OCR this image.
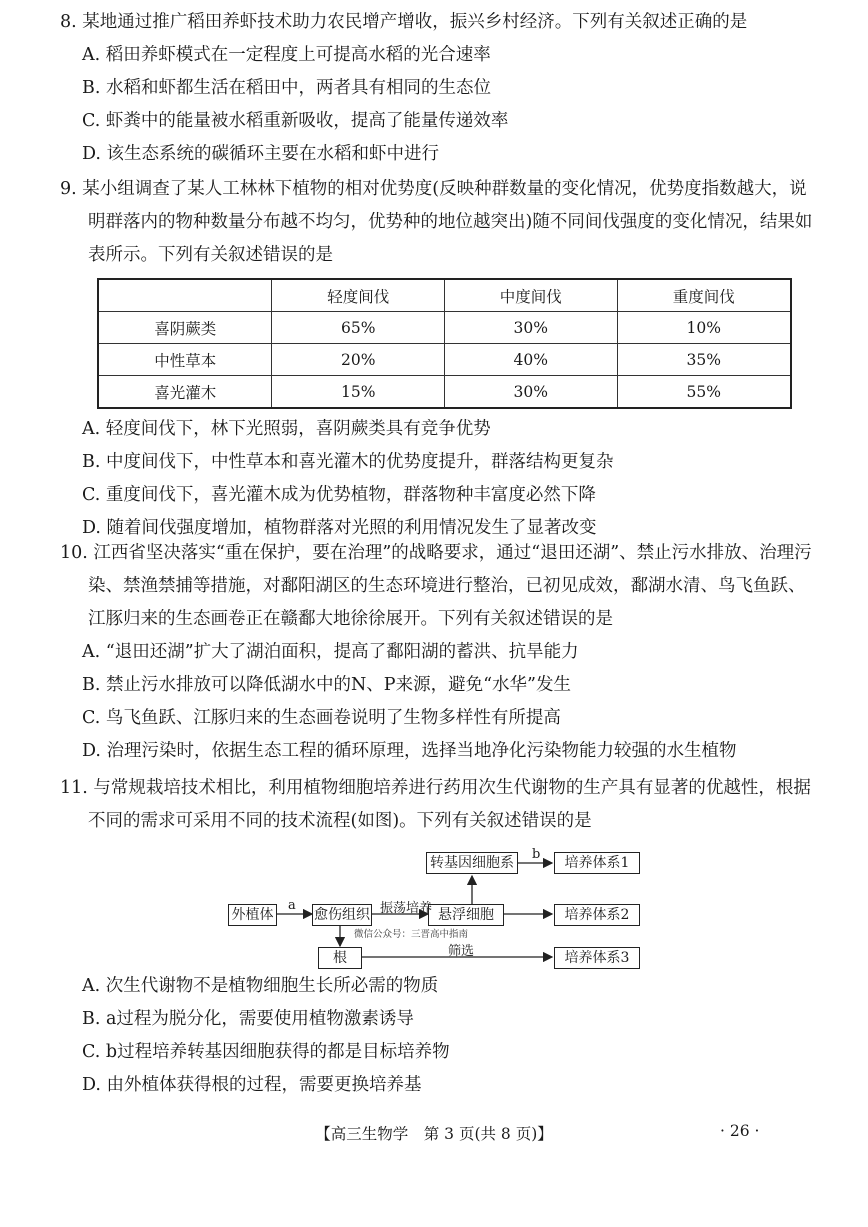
8. 某地通过推广稻田养虾技术助力农民增产增收，振兴乡村经济。下列有关叙述正确的是

A. 稻田养虾模式在一定程度上可提高水稻的光合速率

B. 水稻和虾都生活在稻田中，两者具有相同的生态位

C. 虾粪中的能量被水稻重新吸收，提高了能量传递效率

D. 该生态系统的碳循环主要在水稻和虾中进行

9. 某小组调查了某人工林林下植物的相对优势度(反映种群数量的变化情况，优势度指数越大，说明群落内的物种数量分布越不均匀，优势种的地位越突出)随不同间伐强度的变化情况，结果如表所示。下列有关叙述错误的是

	轻度间伐	中度间伐	重度间伐
喜阴蕨类	65%	30%	10%
中性草本	20%	40%	35%
喜光灌木	15%	30%	55%

A. 轻度间伐下，林下光照弱，喜阴蕨类具有竞争优势

B. 中度间伐下，中性草本和喜光灌木的优势度提升，群落结构更复杂

C. 重度间伐下，喜光灌木成为优势植物，群落物种丰富度必然下降

D. 随着间伐强度增加，植物群落对光照的利用情况发生了显著改变

10. 江西省坚决落实“重在保护，要在治理”的战略要求，通过“退田还湖”、禁止污水排放、治理污染、禁渔禁捕等措施，对鄱阳湖区的生态环境进行整治，已初见成效，鄱湖水清、鸟飞鱼跃、江豚归来的生态画卷正在赣鄱大地徐徐展开。下列有关叙述错误的是

A. “退田还湖”扩大了湖泊面积，提高了鄱阳湖的蓄洪、抗旱能力

B. 禁止污水排放可以降低湖水中的N、P来源，避免“水华”发生

C. 鸟飞鱼跃、江豚归来的生态画卷说明了生物多样性有所提高

D. 治理污染时，依据生态工程的循环原理，选择当地净化污染物能力较强的水生植物

11. 与常规栽培技术相比，利用植物细胞培养进行药用次生代谢物的生产具有显著的优越性，根据不同的需求可采用不同的技术流程(如图)。下列有关叙述错误的是

外植体	愈伤组织	悬浮细胞
转基因细胞系
根
培养体系1
培养体系2
培养体系3
a
b
振荡培养
筛选
微信公众号：三晋高中指南

A. 次生代谢物不是植物细胞生长所必需的物质

B. a过程为脱分化，需要使用植物激素诱导

C. b过程培养转基因细胞获得的都是目标培养物

D. 由外植体获得根的过程，需要更换培养基

【高三生物学　第 3 页(共 8 页)】	· 26 ·
